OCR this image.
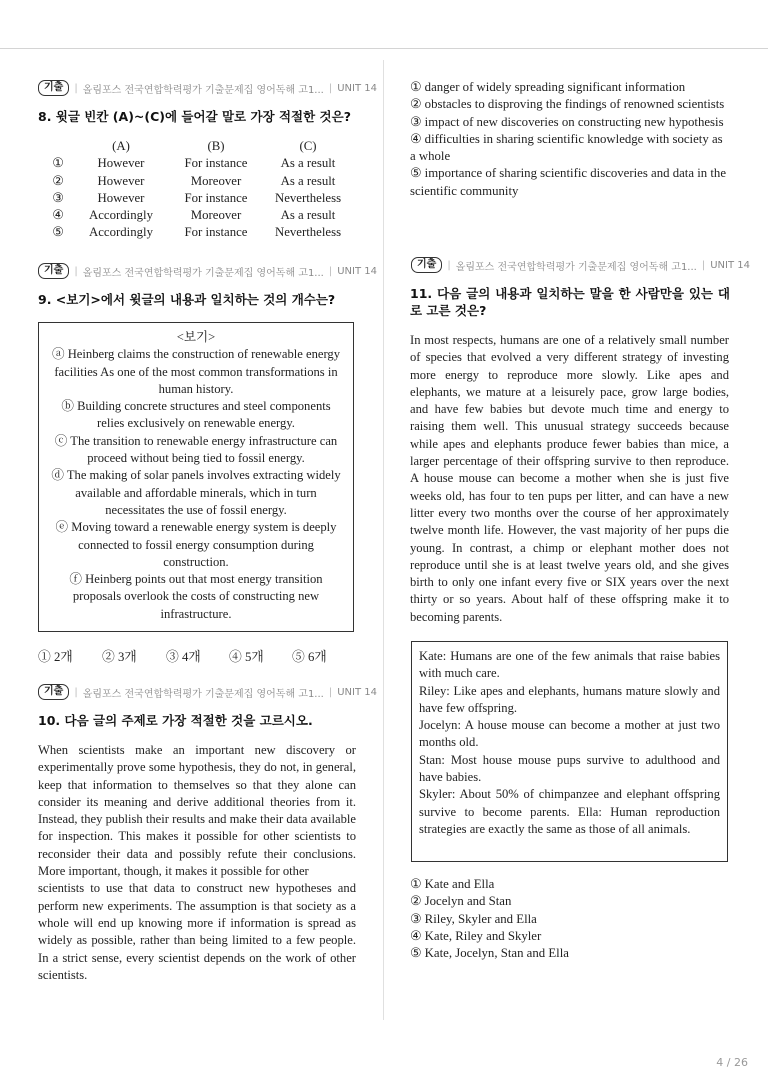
기출	| 올림포스 전국연합학력평가 기출문제집 영어독해 고1... | UNIT 14
8. 윗글 빈칸 (A)~(C)에 들어갈 말로 가장 적절한 것은?
	(A)	(B)	(C)
①	However	For instance	As a result
②	However	Moreover	As a result
③	However	For instance	Nevertheless
④	Accordingly	Moreover	As a result
⑤	Accordingly	For instance	Nevertheless
기출	| 올림포스 전국연합학력평가 기출문제집 영어독해 고1... | UNIT 14
9. <보기>에서 윗글의 내용과 일치하는 것의 개수는?
<보기>
ⓐ Heinberg claims the construction of renewable energy facilities As one of the most common transformations in human history.
ⓑ Building concrete structures and steel components relies exclusively on renewable energy.
ⓒ The transition to renewable energy infrastructure can proceed without being tied to fossil energy.
ⓓ The making of solar panels involves extracting widely available and affordable minerals, which in turn necessitates the use of fossil energy.
ⓔ Moving toward a renewable energy system is deeply connected to fossil energy consumption during construction.
ⓕ Heinberg points out that most energy transition proposals overlook the costs of constructing new infrastructure.
① 2개	② 3개	③ 4개	④ 5개	⑤ 6개
기출	| 올림포스 전국연합학력평가 기출문제집 영어독해 고1... | UNIT 14
10. 다음 글의 주제로 가장 적절한 것을 고르시오.

When scientists make an important new discovery or experimentally prove some hypothesis, they do not, in general, keep that information to themselves so that they alone can consider its meaning and derive additional theories from it. Instead, they publish their results and make their data available for inspection. This makes it possible for other scientists to reconsider their data and possibly refute their conclusions. More important, though, it makes it possible for other
scientists to use that data to construct new hypotheses and perform new experiments. The assumption is that society as a whole will end up knowing more if information is spread as widely as possible, rather than being limited to a few people. In a strict sense, every scientist depends on the work of other scientists.

① danger of widely spreading significant information
② obstacles to disproving the findings of renowned scientists
③ impact of new discoveries on constructing new hypothesis
④ difficulties in sharing scientific knowledge with society as a whole
⑤ importance of sharing scientific discoveries and data in the scientific community
기출	| 올림포스 전국연합학력평가 기출문제집 영어독해 고1... | UNIT 14
11. 다음 글의 내용과 일치하는 말을 한 사람만을 있는 대로 고른 것은?

In most respects, humans are one of a relatively small number of species that evolved a very different strategy of investing more energy to reproduce more slowly. Like apes and elephants, we mature at a leisurely pace, grow large bodies, and have few babies but devote much time and energy to raising them well. This unusual strategy succeeds because while apes and elephants produce fewer babies than mice, a larger percentage of their offspring survive to then reproduce. A house mouse can become a mother when she is just five weeks old, has four to ten pups per litter, and can have a new litter every two months over the course of her approximately twelve month life. However, the vast majority of her pups die young. In contrast, a chimp or elephant mother does not reproduce until she is at least twelve years old, and she gives birth to only one infant every five or SIX years over the next thirty or so years. About half of these offspring make it to becoming parents.

Kate: Humans are one of the few animals that raise babies with much care.

Riley: Like apes and elephants, humans mature slowly and have few offspring.

Jocelyn: A house mouse can become a mother at just two months old.

Stan: Most house mouse pups survive to adulthood and have babies.

Skyler: About 50% of chimpanzee and elephant offspring survive to become parents. Ella: Human reproduction strategies are exactly the same as those of all animals.

① Kate and Ella
② Jocelyn and Stan
③ Riley, Skyler and Ella
④ Kate, Riley and Skyler
⑤ Kate, Jocelyn, Stan and Ella
4 / 26
